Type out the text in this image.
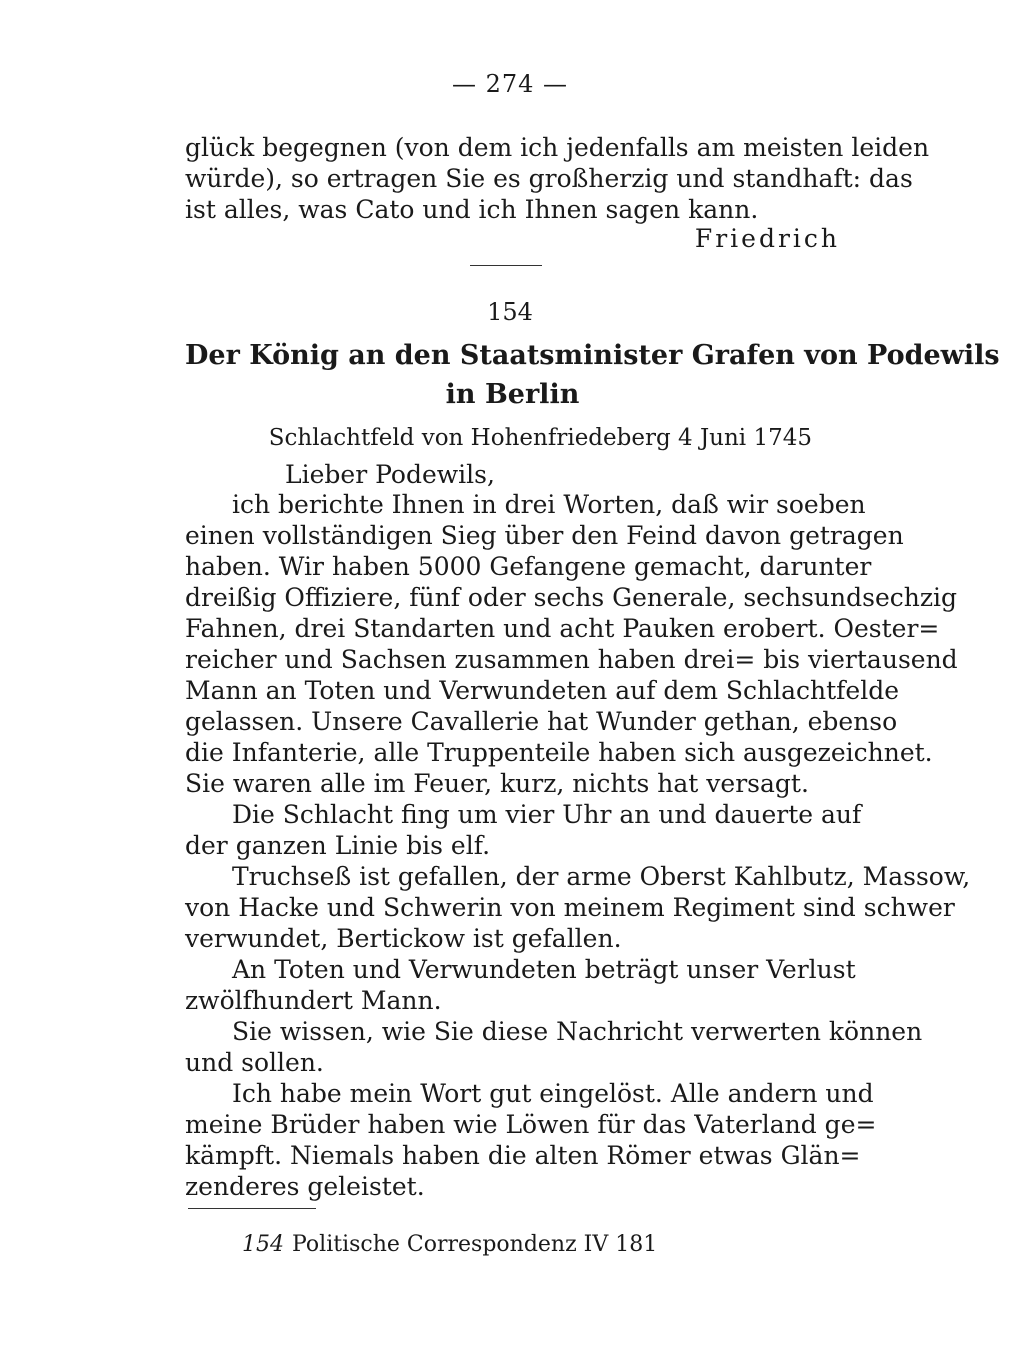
— 274 —
glück begegnen (von dem ich jedenfalls am meisten leiden
würde), so ertragen Sie es großherzig und standhaft: das
ist alles, was Cato und ich Ihnen sagen kann.
Friedrich
154
Der König an den Staatsminister Grafen von Podewils
in Berlin
Schlachtfeld von Hohenfriedeberg 4 Juni 1745
Lieber Podewils,
ich berichte Ihnen in drei Worten, daß wir soeben
einen vollständigen Sieg über den Feind davon getragen
haben. Wir haben 5000 Gefangene gemacht, darunter
dreißig Offiziere, fünf oder sechs Generale, sechsundsechzig
Fahnen, drei Standarten und acht Pauken erobert. Oester=
reicher und Sachsen zusammen haben drei= bis viertausend
Mann an Toten und Verwundeten auf dem Schlachtfelde
gelassen. Unsere Cavallerie hat Wunder gethan, ebenso
die Infanterie, alle Truppenteile haben sich ausgezeichnet.
Sie waren alle im Feuer, kurz, nichts hat versagt.
Die Schlacht fing um vier Uhr an und dauerte auf
der ganzen Linie bis elf.
Truchseß ist gefallen, der arme Oberst Kahlbutz, Massow,
von Hacke und Schwerin von meinem Regiment sind schwer
verwundet, Bertickow ist gefallen.
An Toten und Verwundeten beträgt unser Verlust
zwölfhundert Mann.
Sie wissen, wie Sie diese Nachricht verwerten können
und sollen.
Ich habe mein Wort gut eingelöst. Alle andern und
meine Brüder haben wie Löwen für das Vaterland ge=
kämpft. Niemals haben die alten Römer etwas Glän=
zenderes geleistet.
154 Politische Correspondenz IV 181
